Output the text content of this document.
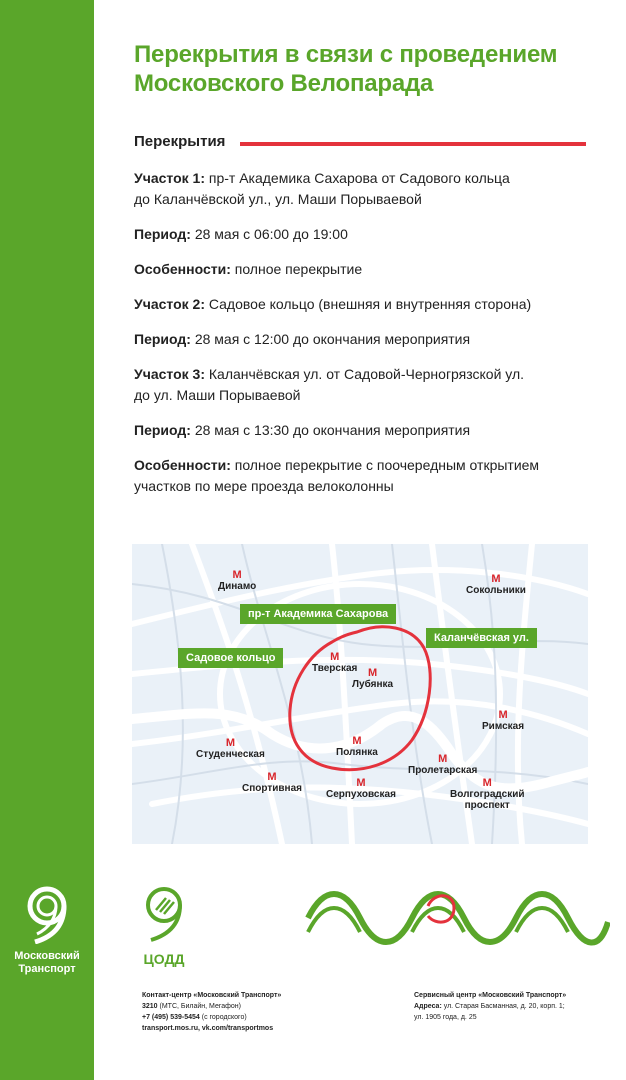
Московский
Транспорт
Перекрытия в связи с проведением
Московского Велопарада
Перекрытия
Участок 1: пр-т Академика Сахарова от Садового кольца
до Каланчёвской ул., ул. Маши Порываевой
Период: 28 мая с 06:00 до 19:00
Особенности: полное перекрытие
Участок 2: Садовое кольцо (внешняя и внутренняя сторона)
Период: 28 мая с 12:00 до окончания мероприятия
Участок 3: Каланчёвская ул. от Садовой-Черногрязской ул.
до ул. Маши Порываевой
Период: 28 мая с 13:30 до окончания мероприятия
Особенности: полное перекрытие с поочередным открытием
участков по мере проезда велоколонны
М
Динамо
М
Сокольники
М
Тверская М
Лубянка
М
Римская
М
Студенческая
М
Полянка
М
Пролетарская
М
Спортивная	М
Серпуховская
М
Волгоградский
проспект
пр-т Академика Сахарова
Каланчёвская ул.
Садовое кольцо
ЦОДД
Контакт-центр «Московский Транспорт»
3210 (МТС, Билайн, Мегафон)
+7 (495) 539-5454 (с городского)
transport.mos.ru, vk.com/transportmos
Сервисный центр «Московский Транспорт»
Адреса: ул. Старая Басманная, д. 20, корп. 1;
ул. 1905 года, д. 25
